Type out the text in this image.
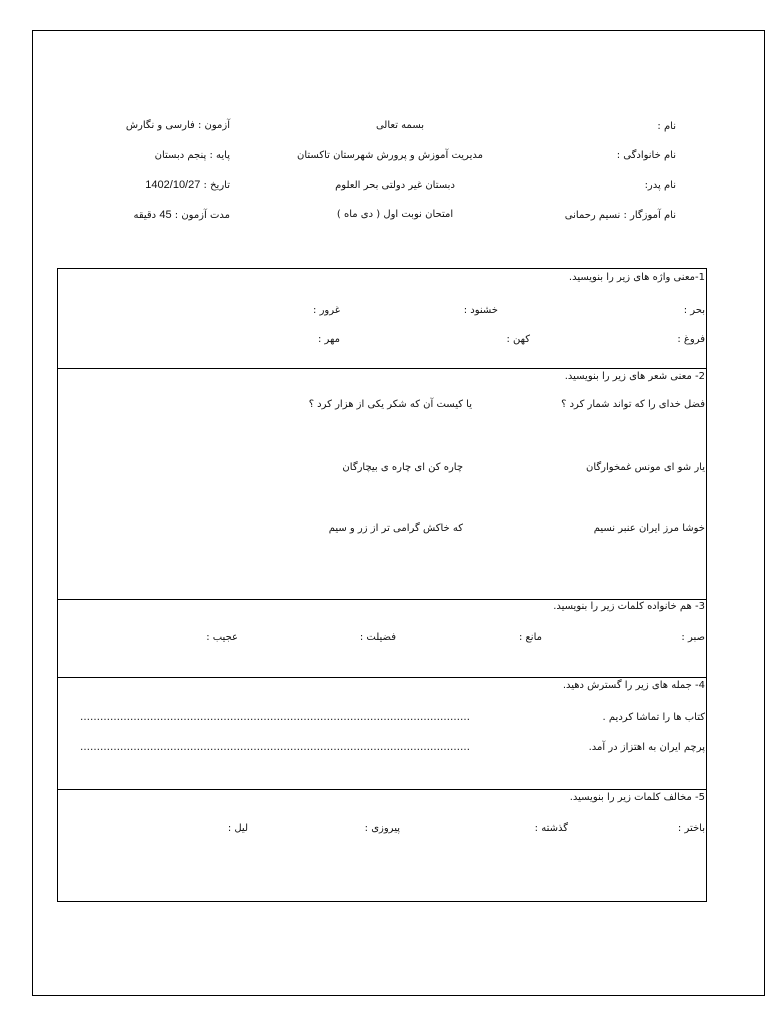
نام :
نام خانوادگی :
نام پدر:
نام آموزگار : نسیم رحمانی
بسمه تعالی
مدیریت آموزش و پرورش شهرستان تاکستان
دبستان غیر دولتی بحر العلوم
امتحان نوبت اول ( دی ماه )
آزمون : فارسی و نگارش
پایه : پنجم دبستان
تاریخ : 1402/10/27
مدت آزمون : 45 دقیقه
1-معنی واژه های زیر را بنویسید.
بحر :
خشنود :
غرور :
فروغ :
کهن :
مهر :
2- معنی شعر های زیر را بنویسید.
فضل خدای را که تواند شمار کرد ؟
یا کیست آن که شکر یکی از هزار کرد ؟
یار شو ای مونس غمخوارگان
چاره کن ای چاره ی بیچارگان
خوشا مرز ایران عنبر نسیم
که خاکش گرامی تر از زر و سیم
3- هم خانواده کلمات زیر را بنویسید.
صبر :
مانع :
فضیلت :
عجیب :
4- جمله های زیر را گسترش دهید.
کتاب ها را تماشا کردیم .
………………………………………………………………………………………………………
پرچم ایران به اهتزاز در آمد.
………………………………………………………………………………………………………
5- مخالف کلمات زیر را بنویسید.
باختر :
گذشته :
پیروزی :
لیل :
